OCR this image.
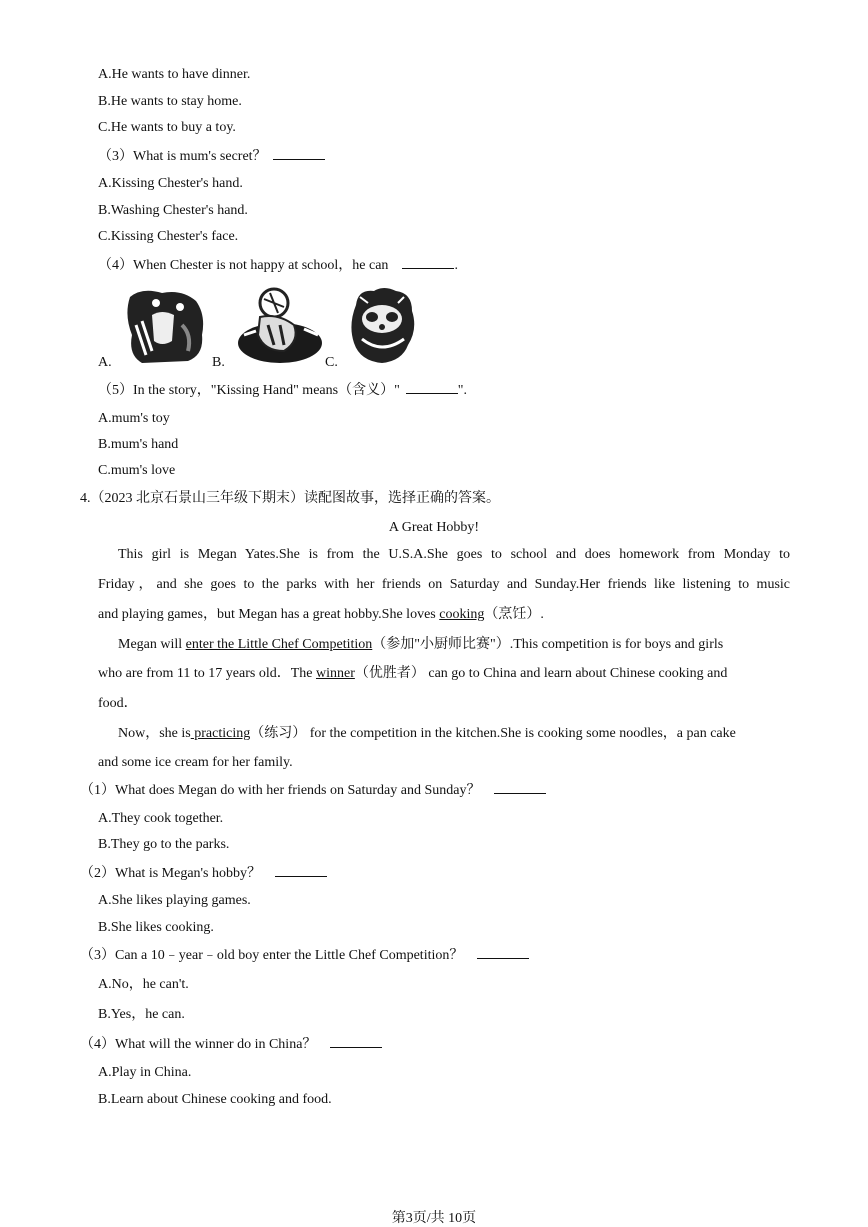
A.He wants to have dinner.
B.He wants to stay home.
C.He wants to buy a toy.
（3）What is mum's secret？
A.Kissing Chester's hand.
B.Washing Chester's hand.
C.Kissing Chester's face.
（4）When Chester is not happy at school，he can	.
A.	B.	C.
（5）In the story，"Kissing Hand" means（含义）"	".
A.mum's toy
B.mum's hand
C.mum's love
4.（2023 北京石景山三年级下期末）读配图故事，选择正确的答案。
A Great Hobby!
This girl is Megan Yates.She is from the U.S.A.She goes to school and does homework from Monday to
Friday，and she goes to the parks with her friends on Saturday and Sunday.Her friends like listening to music
and playing games，but Megan has a great hobby.She loves cooking（烹饪）.
Megan will enter the Little Chef Competition（参加"小厨师比赛"）.This competition is for boys and girls
who are from 11 to 17 years old．The winner（优胜者） can go to China and learn about Chinese cooking and
food．
Now，she is practicing（练习） for the competition in the kitchen.She is cooking some noodles，a pan cake
and some ice cream for her family.
（1）What does Megan do with her friends on Saturday and Sunday？
A.They cook together.
B.They go to the parks.
（2）What is Megan's hobby？
A.She likes playing games.
B.She likes cooking.
（3）Can a 10﹣year﹣old boy enter the Little Chef Competition？
A.No，he can't.
B.Yes，he can.
（4）What will the winner do in China？
A.Play in China.
B.Learn about Chinese cooking and food.
第3页/共 10页
